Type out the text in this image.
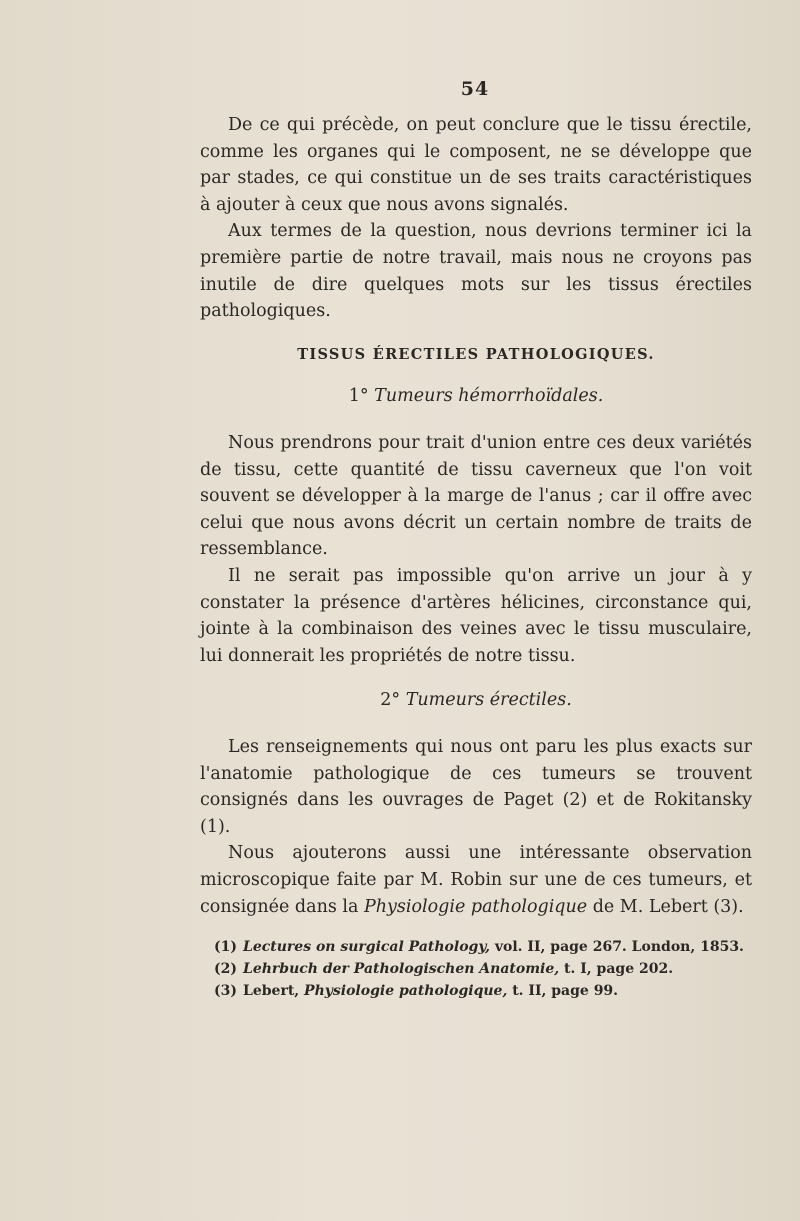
54

De ce qui précède, on peut conclure que le tissu érectile, comme les organes qui le composent, ne se développe que par stades, ce qui constitue un de ses traits caractéristiques à ajouter à ceux que nous avons signalés.

Aux termes de la question, nous devrions terminer ici la première partie de notre travail, mais nous ne croyons pas inutile de dire quelques mots sur les tissus érectiles pathologiques.

TISSUS ÉRECTILES PATHOLOGIQUES.
1° Tumeurs hémorrhoïdales.

Nous prendrons pour trait d'union entre ces deux variétés de tissu, cette quantité de tissu caverneux que l'on voit souvent se développer à la marge de l'anus ; car il offre avec celui que nous avons décrit un certain nombre de traits de ressemblance.

Il ne serait pas impossible qu'on arrive un jour à y constater la présence d'artères hélicines, circonstance qui, jointe à la combinaison des veines avec le tissu musculaire, lui donnerait les propriétés de notre tissu.

2° Tumeurs érectiles.

Les renseignements qui nous ont paru les plus exacts sur l'anatomie pathologique de ces tumeurs se trouvent consignés dans les ouvrages de Paget (2) et de Rokitansky (1).

Nous ajouterons aussi une intéressante observation microscopique faite par M. Robin sur une de ces tumeurs, et consignée dans la Physiologie pathologique de M. Lebert (3).

(1) Lectures on surgical Pathology, vol. II, page 267. London, 1853.
(2) Lehrbuch der Pathologischen Anatomie, t. I, page 202.
(3) Lebert, Physiologie pathologique, t. II, page 99.
